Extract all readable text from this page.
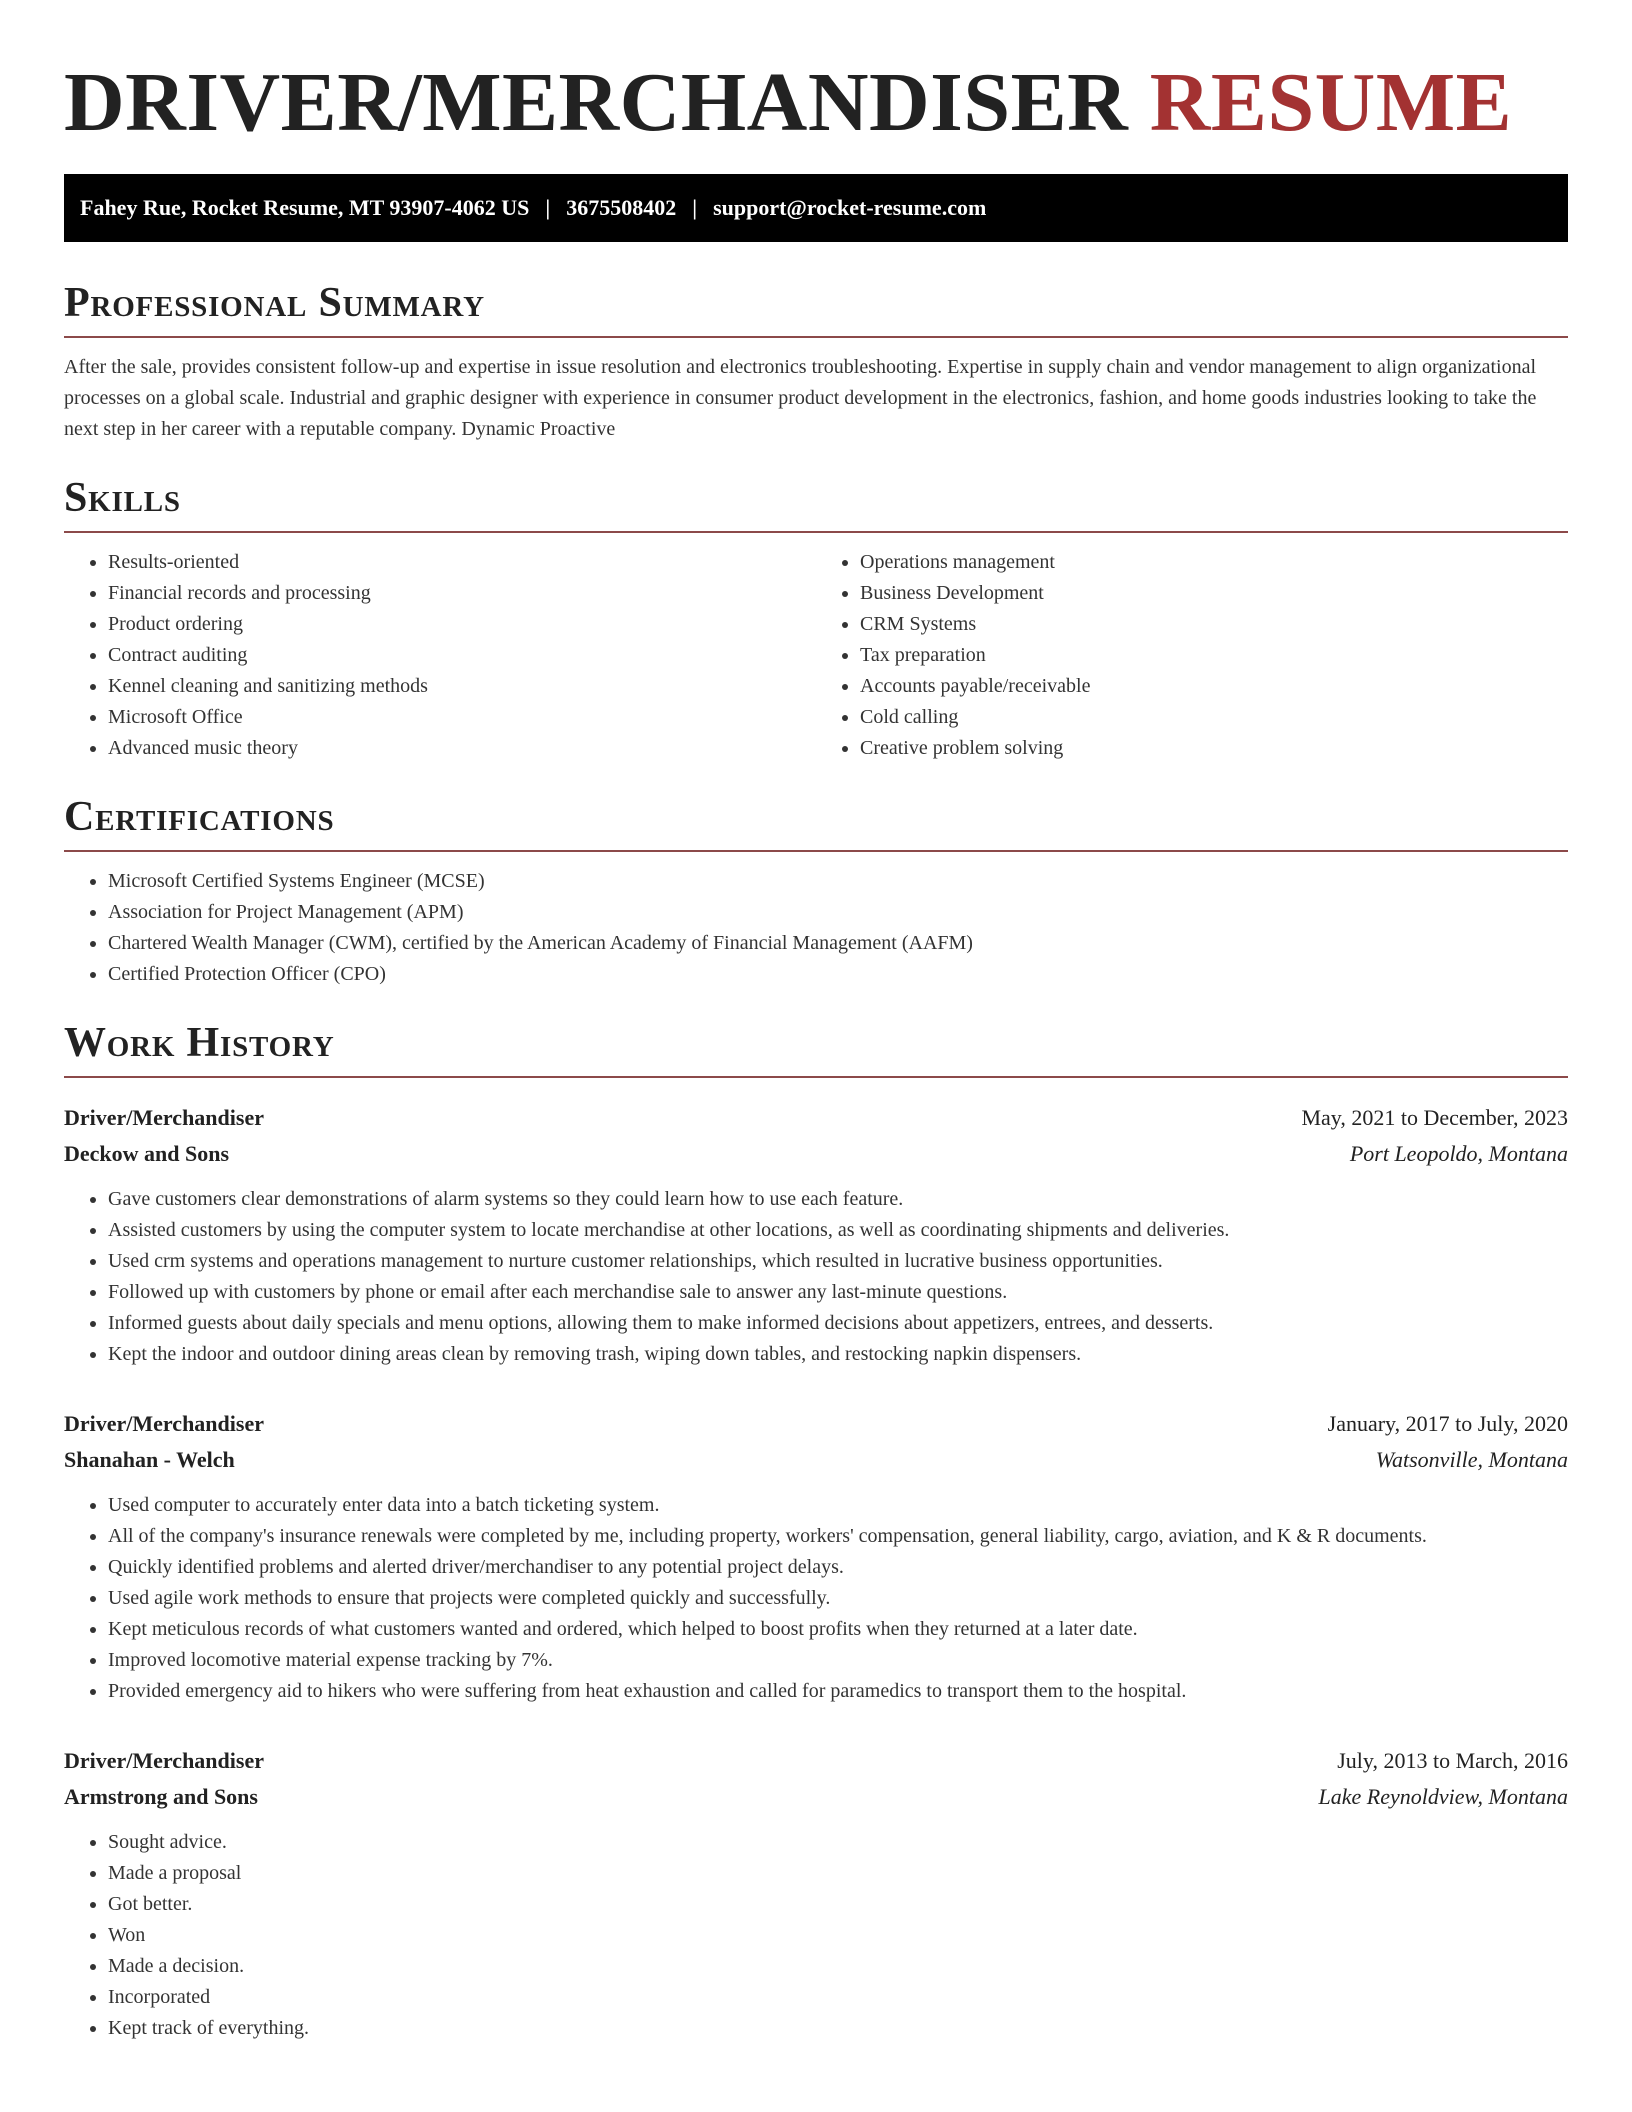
DRIVER/MERCHANDISER RESUME
Fahey Rue, Rocket Resume, MT 93907-4062 US | 3675508402 | support@rocket-resume.com
Professional Summary

After the sale, provides consistent follow-up and expertise in issue resolution and electronics troubleshooting. Expertise in supply chain and vendor management to align organizational processes on a global scale. Industrial and graphic designer with experience in consumer product development in the electronics, fashion, and home goods industries looking to take the next step in her career with a reputable company. Dynamic Proactive

Skills
• Results-oriented
• Financial records and processing
• Product ordering
• Contract auditing
• Kennel cleaning and sanitizing methods
• Microsoft Office
• Advanced music theory
• Operations management
• Business Development
• CRM Systems
• Tax preparation
• Accounts payable/receivable
• Cold calling
• Creative problem solving
Certifications
• Microsoft Certified Systems Engineer (MCSE)
• Association for Project Management (APM)
• Chartered Wealth Manager (CWM), certified by the American Academy of Financial Management (AAFM)
• Certified Protection Officer (CPO)
Work History
Driver/Merchandiser	May, 2021 to December, 2023
Deckow and Sons	Port Leopoldo, Montana
• Gave customers clear demonstrations of alarm systems so they could learn how to use each feature.
• Assisted customers by using the computer system to locate merchandise at other locations, as well as coordinating shipments and deliveries.
• Used crm systems and operations management to nurture customer relationships, which resulted in lucrative business opportunities.
• Followed up with customers by phone or email after each merchandise sale to answer any last-minute questions.
• Informed guests about daily specials and menu options, allowing them to make informed decisions about appetizers, entrees, and desserts.
• Kept the indoor and outdoor dining areas clean by removing trash, wiping down tables, and restocking napkin dispensers.
Driver/Merchandiser	January, 2017 to July, 2020
Shanahan - Welch	Watsonville, Montana
• Used computer to accurately enter data into a batch ticketing system.
• All of the company's insurance renewals were completed by me, including property, workers' compensation, general liability, cargo, aviation, and K & R documents.
• Quickly identified problems and alerted driver/merchandiser to any potential project delays.
• Used agile work methods to ensure that projects were completed quickly and successfully.
• Kept meticulous records of what customers wanted and ordered, which helped to boost profits when they returned at a later date.
• Improved locomotive material expense tracking by 7%.
• Provided emergency aid to hikers who were suffering from heat exhaustion and called for paramedics to transport them to the hospital.
Driver/Merchandiser	July, 2013 to March, 2016
Armstrong and Sons	Lake Reynoldview, Montana
• Sought advice.
• Made a proposal
• Got better.
• Won
• Made a decision.
• Incorporated
• Kept track of everything.
